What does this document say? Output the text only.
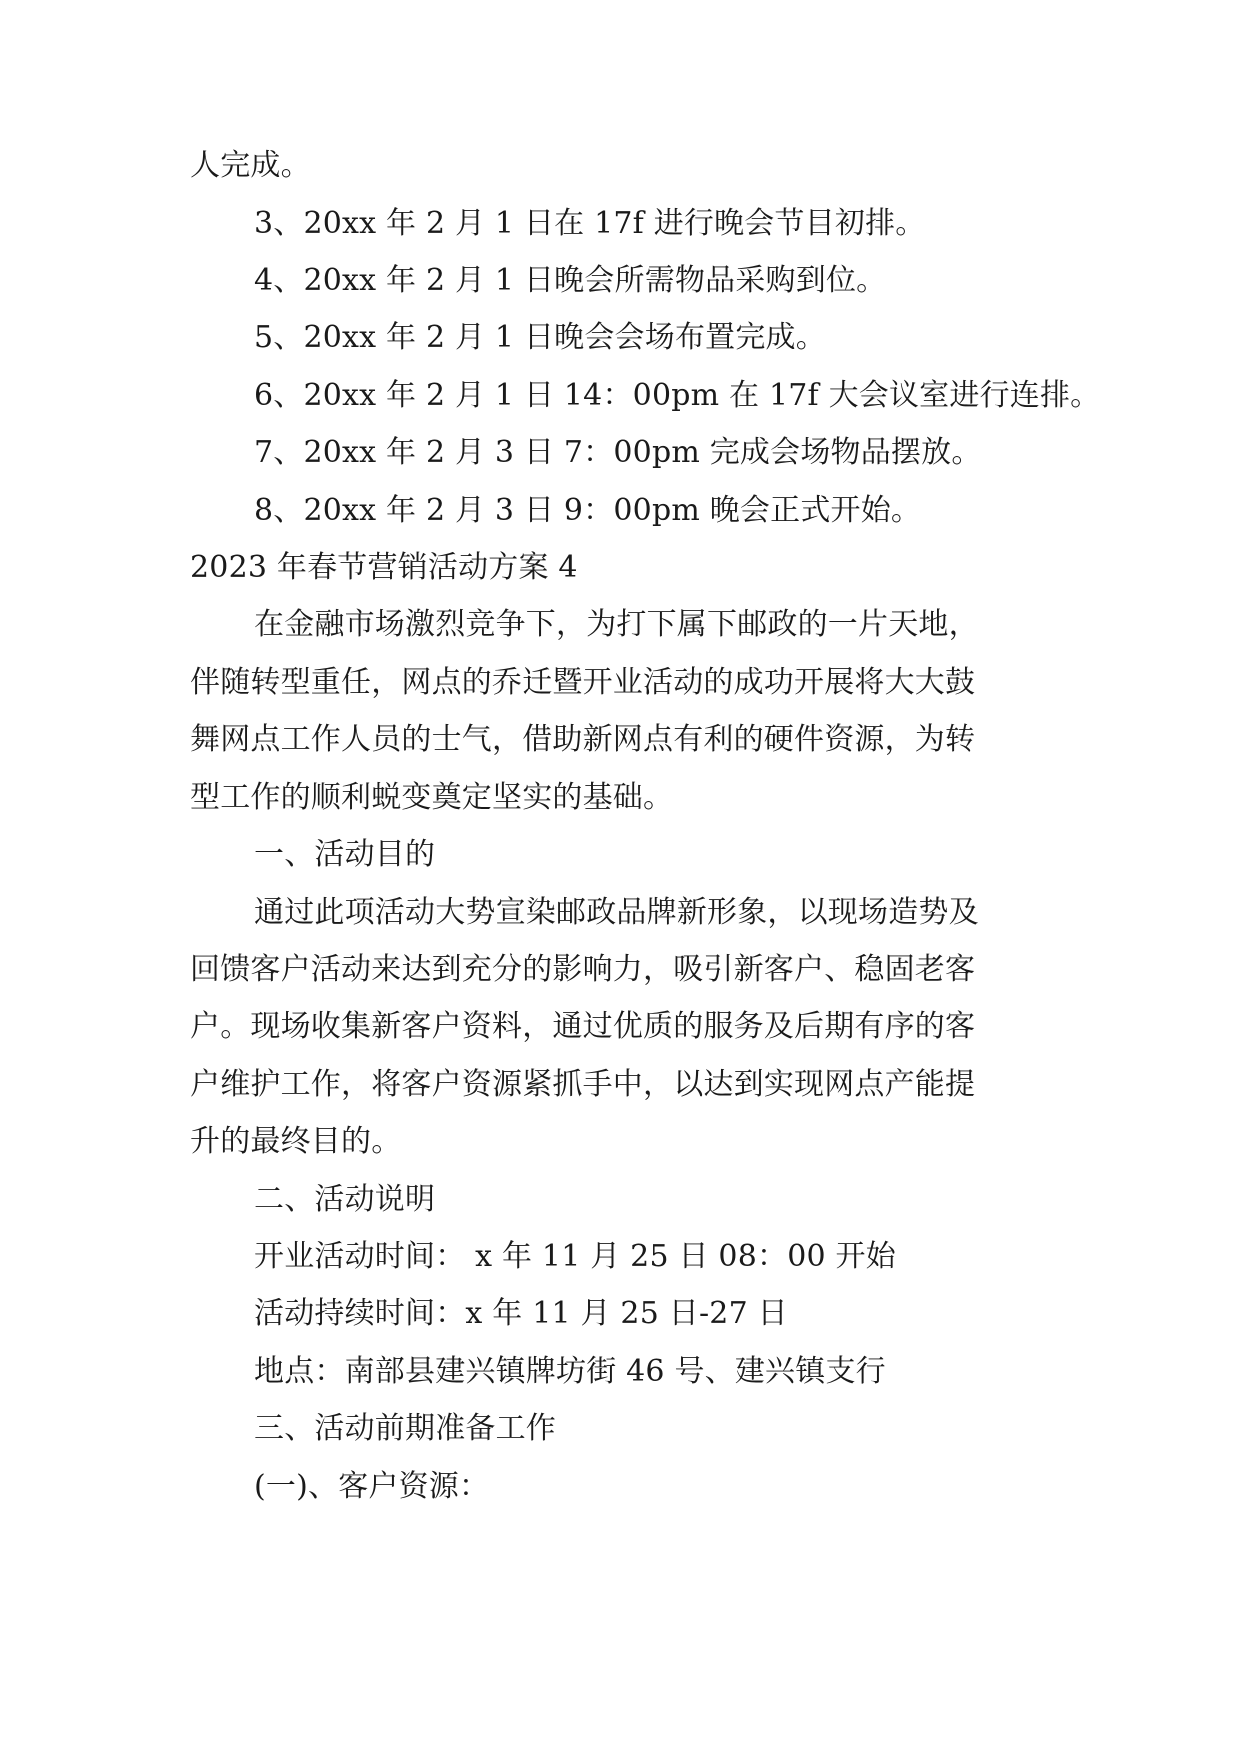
人完成。

3、20xx 年 2 月 1 日在 17f 进行晚会节目初排。

4、20xx 年 2 月 1 日晚会所需物品采购到位。

5、20xx 年 2 月 1 日晚会会场布置完成。

6、20xx 年 2 月 1 日 14：00pm 在 17f 大会议室进行连排。

7、20xx 年 2 月 3 日 7：00pm 完成会场物品摆放。

8、20xx 年 2 月 3 日 9：00pm 晚会正式开始。

2023 年春节营销活动方案 4

在金融市场激烈竞争下，为打下属下邮政的一片天地，

伴随转型重任，网点的乔迁暨开业活动的成功开展将大大鼓

舞网点工作人员的士气，借助新网点有利的硬件资源，为转

型工作的顺利蜕变奠定坚实的基础。

一、活动目的

通过此项活动大势宣染邮政品牌新形象，以现场造势及

回馈客户活动来达到充分的影响力，吸引新客户、稳固老客

户。现场收集新客户资料，通过优质的服务及后期有序的客

户维护工作，将客户资源紧抓手中，以达到实现网点产能提

升的最终目的。

二、活动说明

开业活动时间： x 年 11 月 25 日 08：00 开始

活动持续时间：x 年 11 月 25 日-27 日

地点：南部县建兴镇牌坊街 46 号、建兴镇支行

三、活动前期准备工作

(一)、客户资源：
